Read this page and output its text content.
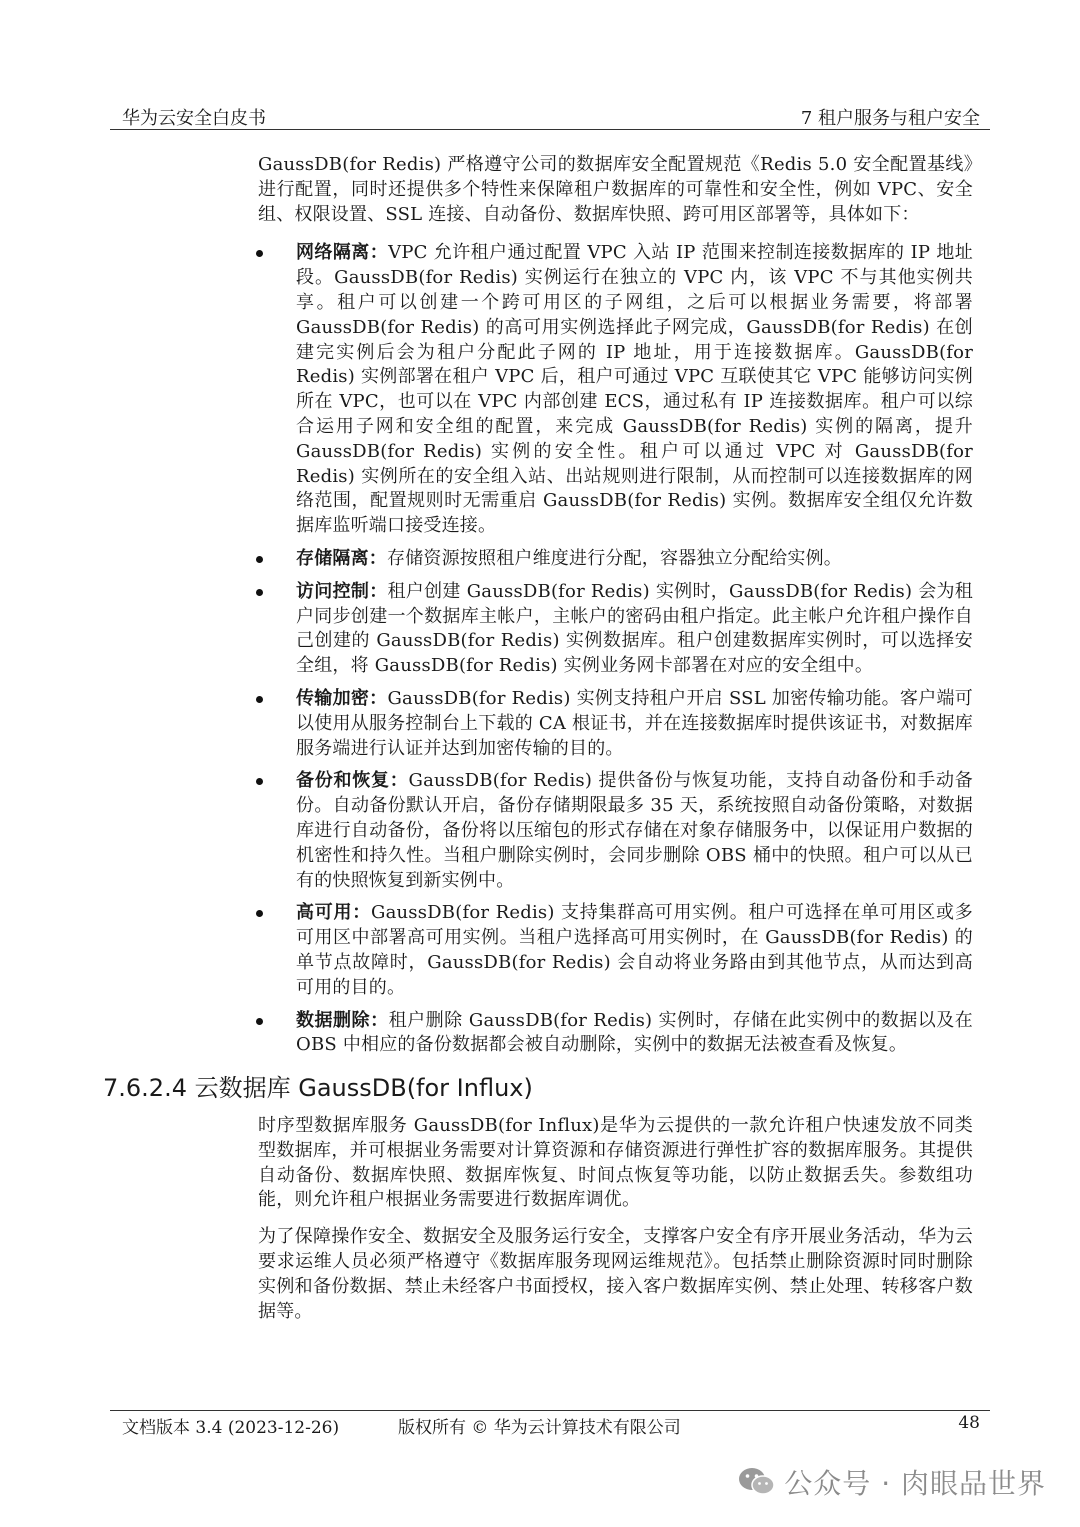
华为云安全白皮书	7 租户服务与租户安全

GaussDB(for Redis) 严格遵守公司的数据库安全配置规范《Redis 5.0 安全配置基线》进行配置，同时还提供多个特性来保障租户数据库的可靠性和安全性，例如 VPC、安全组、权限设置、SSL 连接、自动备份、数据库快照、跨可用区部署等，具体如下：

网络隔离：VPC 允许租户通过配置 VPC 入站 IP 范围来控制连接数据库的 IP 地址段。GaussDB(for Redis) 实例运行在独立的 VPC 内，该 VPC 不与其他实例共享。租户可以创建一个跨可用区的子网组，之后可以根据业务需要，将部署 GaussDB(for Redis) 的高可用实例选择此子网完成，GaussDB(for Redis) 在创建完实例后会为租户分配此子网的 IP 地址，用于连接数据库。GaussDB(for Redis) 实例部署在租户 VPC 后，租户可通过 VPC 互联使其它 VPC 能够访问实例所在 VPC，也可以在 VPC 内部创建 ECS，通过私有 IP 连接数据库。租户可以综合运用子网和安全组的配置，来完成 GaussDB(for Redis) 实例的隔离，提升 GaussDB(for Redis) 实例的安全性。租户可以通过 VPC 对 GaussDB(for Redis) 实例所在的安全组入站、出站规则进行限制，从而控制可以连接数据库的网络范围，配置规则时无需重启 GaussDB(for Redis) 实例。数据库安全组仅允许数据库监听端口接受连接。
存储隔离：存储资源按照租户维度进行分配，容器独立分配给实例。
访问控制：租户创建 GaussDB(for Redis) 实例时，GaussDB(for Redis) 会为租户同步创建一个数据库主帐户，主帐户的密码由租户指定。此主帐户允许租户操作自己创建的 GaussDB(for Redis) 实例数据库。租户创建数据库实例时，可以选择安全组，将 GaussDB(for Redis) 实例业务网卡部署在对应的安全组中。
传输加密：GaussDB(for Redis) 实例支持租户开启 SSL 加密传输功能。客户端可以使用从服务控制台上下载的 CA 根证书，并在连接数据库时提供该证书，对数据库服务端进行认证并达到加密传输的目的。
备份和恢复：GaussDB(for Redis) 提供备份与恢复功能，支持自动备份和手动备份。自动备份默认开启，备份存储期限最多 35 天，系统按照自动备份策略，对数据库进行自动备份，备份将以压缩包的形式存储在对象存储服务中，以保证用户数据的机密性和持久性。当租户删除实例时，会同步删除 OBS 桶中的快照。租户可以从已有的快照恢复到新实例中。
高可用：GaussDB(for Redis) 支持集群高可用实例。租户可选择在单可用区或多可用区中部署高可用实例。当租户选择高可用实例时，在 GaussDB(for Redis) 的单节点故障时，GaussDB(for Redis) 会自动将业务路由到其他节点，从而达到高可用的目的。
数据删除：租户删除 GaussDB(for Redis) 实例时，存储在此实例中的数据以及在 OBS 中相应的备份数据都会被自动删除，实例中的数据无法被查看及恢复。
7.6.2.4 云数据库 GaussDB(for Influx)

时序型数据库服务 GaussDB(for Influx)是华为云提供的一款允许租户快速发放不同类型数据库，并可根据业务需要对计算资源和存储资源进行弹性扩容的数据库服务。其提供自动备份、数据库快照、数据库恢复、时间点恢复等功能，以防止数据丢失。参数组功能，则允许租户根据业务需要进行数据库调优。

为了保障操作安全、数据安全及服务运行安全，支撑客户安全有序开展业务活动，华为云要求运维人员必须严格遵守《数据库服务现网运维规范》。包括禁止删除资源时同时删除实例和备份数据、禁止未经客户书面授权，接入客户数据库实例、禁止处理、转移客户数据等。

文档版本 3.4 (2023-12-26)	版权所有 © 华为云计算技术有限公司	48
公众号 · 肉眼品世界
